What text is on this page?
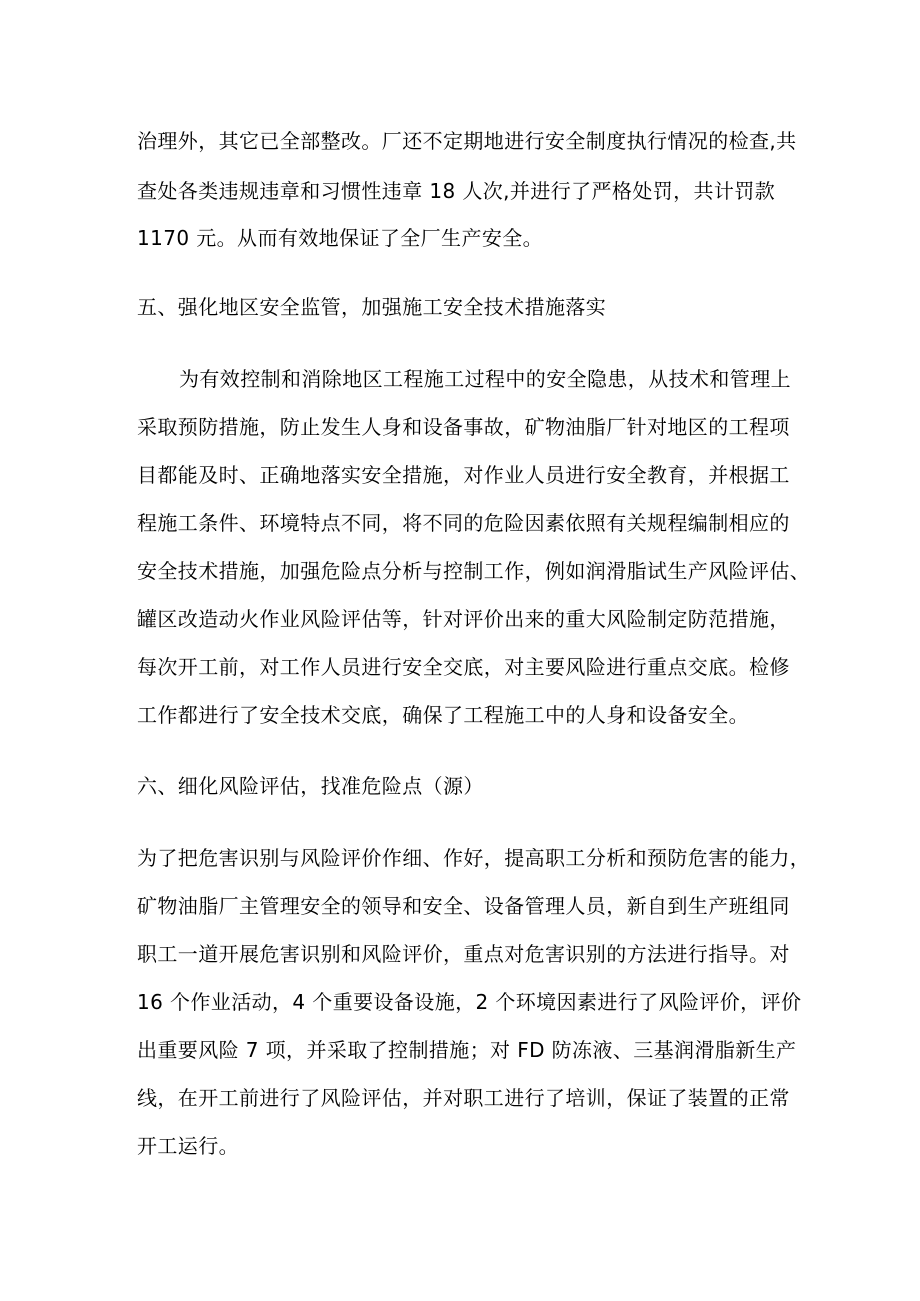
治理外，其它已全部整改。厂还不定期地进行安全制度执行情况的检查,共
查处各类违规违章和习惯性违章 18 人次,并进行了严格处罚，共计罚款
1170 元。从而有效地保证了全厂生产安全。
五、强化地区安全监管，加强施工安全技术措施落实
为有效控制和消除地区工程施工过程中的安全隐患，从技术和管理上
采取预防措施，防止发生人身和设备事故，矿物油脂厂针对地区的工程项
目都能及时、正确地落实安全措施，对作业人员进行安全教育，并根据工
程施工条件、环境特点不同，将不同的危险因素依照有关规程编制相应的
安全技术措施，加强危险点分析与控制工作，例如润滑脂试生产风险评估、
罐区改造动火作业风险评估等，针对评价出来的重大风险制定防范措施，
每次开工前，对工作人员进行安全交底，对主要风险进行重点交底。检修
工作都进行了安全技术交底，确保了工程施工中的人身和设备安全。
六、细化风险评估，找准危险点（源）
为了把危害识别与风险评价作细、作好，提高职工分析和预防危害的能力，
矿物油脂厂主管理安全的领导和安全、设备管理人员，新自到生产班组同
职工一道开展危害识别和风险评价，重点对危害识别的方法进行指导。对
16 个作业活动，4 个重要设备设施，2 个环境因素进行了风险评价，评价
出重要风险 7 项，并采取了控制措施；对 FD 防冻液、三基润滑脂新生产
线，在开工前进行了风险评估，并对职工进行了培训，保证了装置的正常
开工运行。
